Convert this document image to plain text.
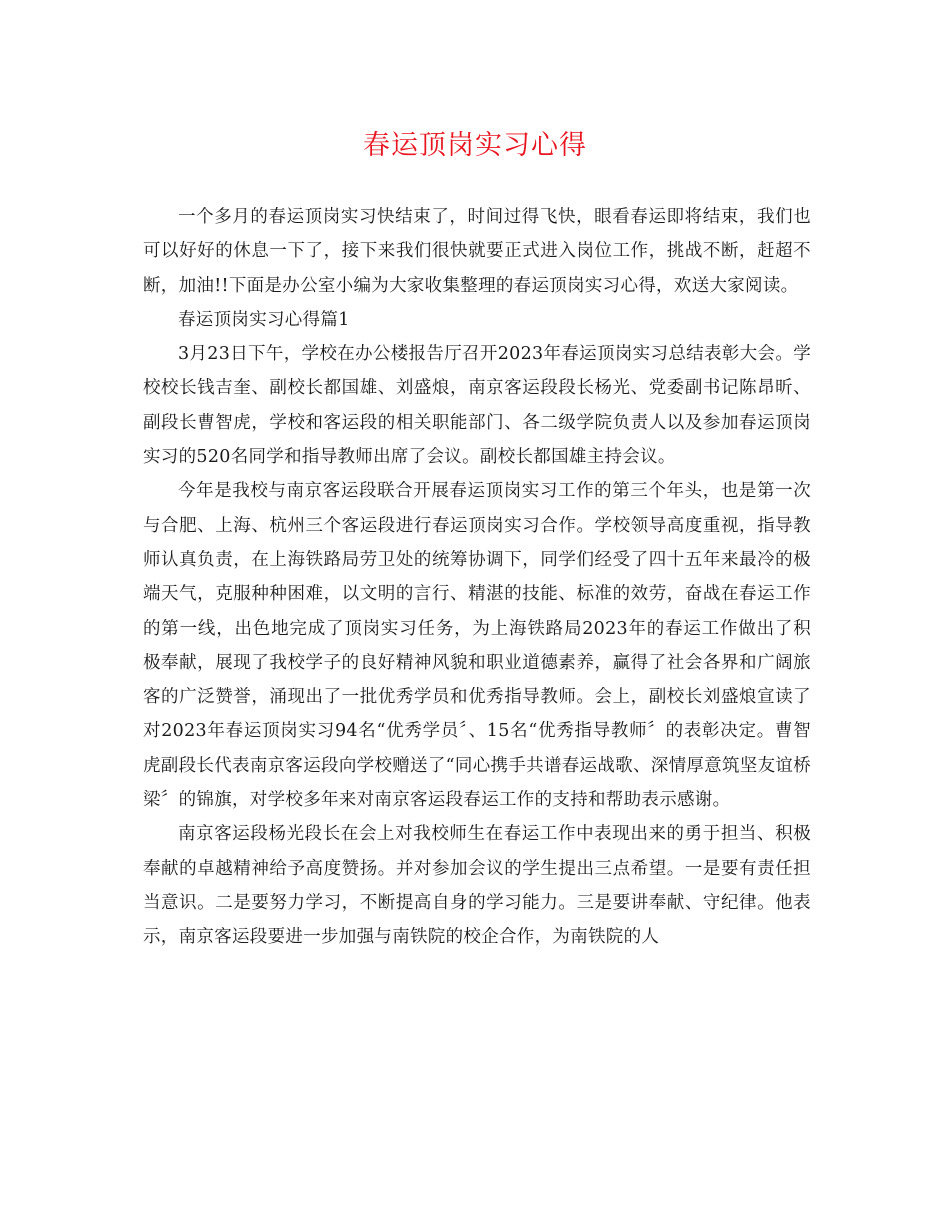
春运顶岗实习心得

一个多月的春运顶岗实习快结束了，时间过得飞快，眼看春运即将结束，我们也可以好好的休息一下了，接下来我们很快就要正式进入岗位工作，挑战不断，赶超不断，加油!!下面是办公室小编为大家收集整理的春运顶岗实习心得，欢送大家阅读。

春运顶岗实习心得篇1

3月23日下午，学校在办公楼报告厅召开2023年春运顶岗实习总结表彰大会。学校校长钱吉奎、副校长都国雄、刘盛烺，南京客运段段长杨光、党委副书记陈昂昕、副段长曹智虎，学校和客运段的相关职能部门、各二级学院负责人以及参加春运顶岗实习的520名同学和指导教师出席了会议。副校长都国雄主持会议。

今年是我校与南京客运段联合开展春运顶岗实习工作的第三个年头，也是第一次与合肥、上海、杭州三个客运段进行春运顶岗实习合作。学校领导高度重视，指导教师认真负责，在上海铁路局劳卫处的统筹协调下，同学们经受了四十五年来最冷的极端天气，克服种种困难，以文明的言行、精湛的技能、标准的效劳，奋战在春运工作的第一线，出色地完成了顶岗实习任务，为上海铁路局2023年的春运工作做出了积极奉献，展现了我校学子的良好精神风貌和职业道德素养，赢得了社会各界和广阔旅客的广泛赞誉，涌现出了一批优秀学员和优秀指导教师。会上，副校长刘盛烺宣读了对2023年春运顶岗实习94名“优秀学员〞、15名“优秀指导教师〞的表彰决定。曹智虎副段长代表南京客运段向学校赠送了“同心携手共谱春运战歌、深情厚意筑坚友谊桥梁〞的锦旗，对学校多年来对南京客运段春运工作的支持和帮助表示感谢。

南京客运段杨光段长在会上对我校师生在春运工作中表现出来的勇于担当、积极奉献的卓越精神给予高度赞扬。并对参加会议的学生提出三点希望。一是要有责任担当意识。二是要努力学习，不断提高自身的学习能力。三是要讲奉献、守纪律。他表示，南京客运段要进一步加强与南铁院的校企合作，为南铁院的人
